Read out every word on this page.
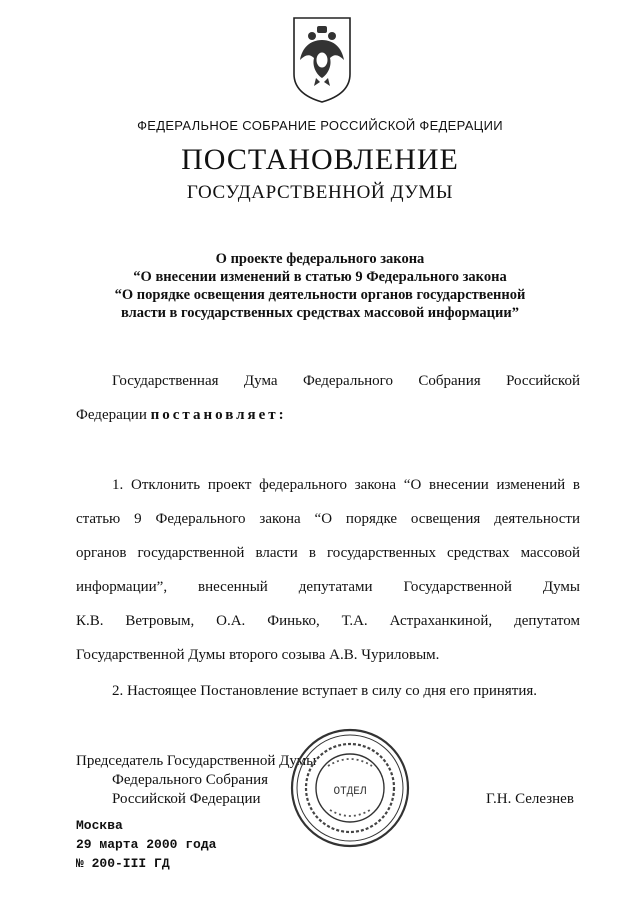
ФЕДЕРАЛЬНОЕ СОБРАНИЕ РОССИЙСКОЙ ФЕДЕРАЦИИ
ПОСТАНОВЛЕНИЕ
ГОСУДАРСТВЕННОЙ ДУМЫ
О проекте федерального закона
“О внесении изменений в статью 9 Федерального закона
“О порядке освещения деятельности органов государственной
власти в государственных средствах массовой информации”
Государственная Дума Федерального Собрания Российской
Федерации постановляет:
1. Отклонить проект федерального закона “О внесении изменений в
статью 9 Федерального закона “О порядке освещения деятельности
органов государственной власти в государственных средствах массовой
информации”, внесенный депутатами Государственной Думы
К.В. Ветровым, О.А. Финько, Т.А. Астраханкиной, депутатом
Государственной Думы второго созыва А.В. Чуриловым.
2. Настоящее Постановление вступает в силу со дня его принятия.
Председатель Государственной Думы
Федерального Собрания
Российской Федерации	Г.Н. Селезнев
Москва
29 марта 2000 года
№ 200-III ГД
ОТДЕЛ
